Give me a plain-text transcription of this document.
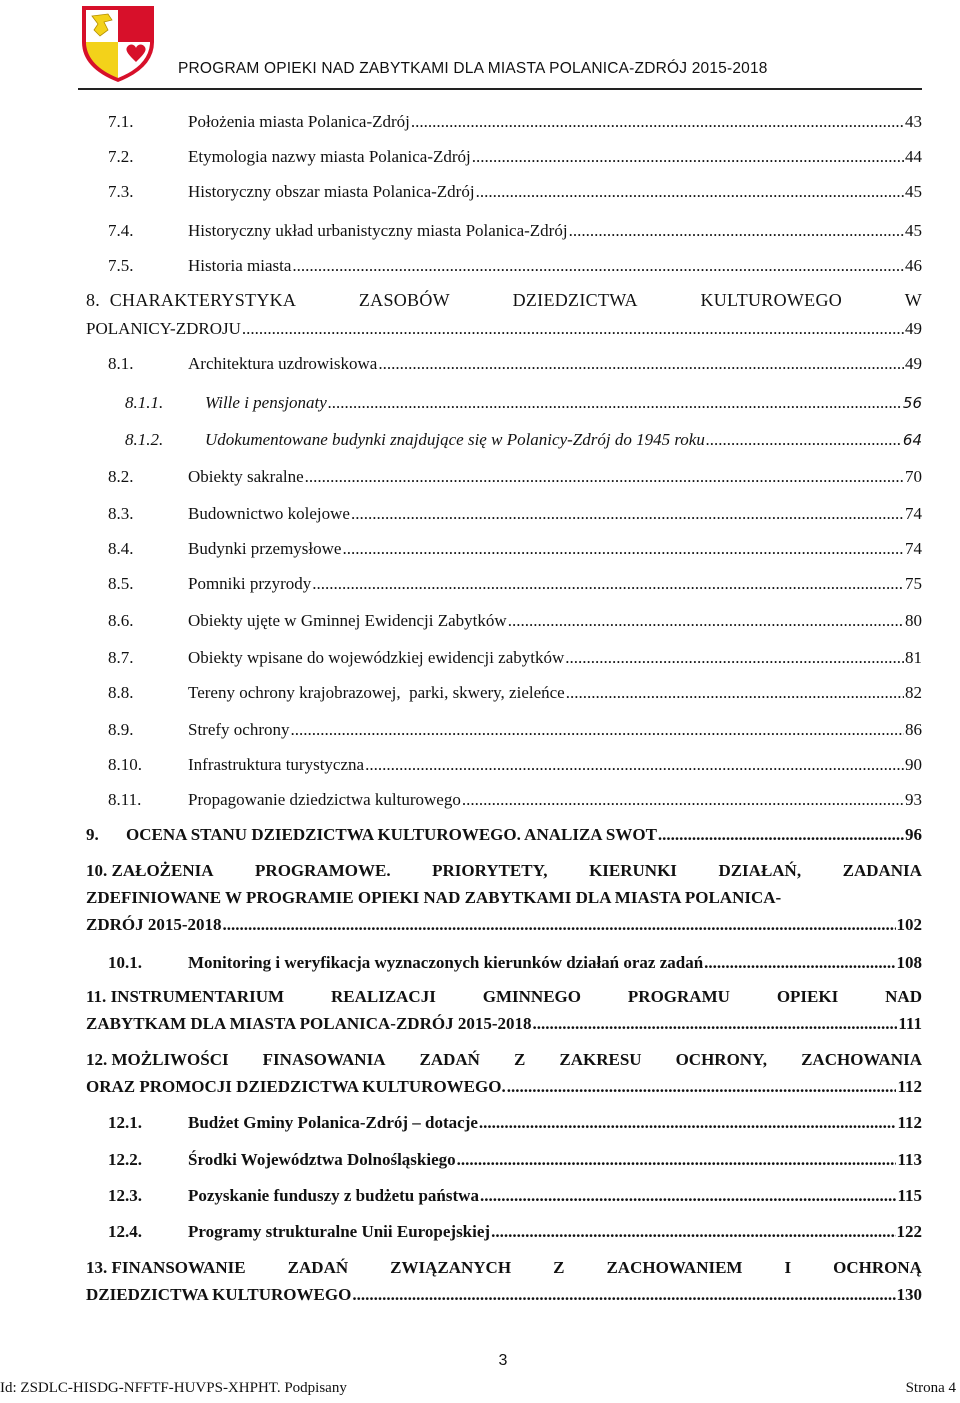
PROGRAM OPIEKI NAD ZABYTKAMI DLA MIASTA POLANICA-ZDRÓJ 2015-2018
7.1.	Położenia miasta Polanica-Zdrój .....	43
7.2.	Etymologia nazwy miasta Polanica-Zdrój .....	44
7.3.	Historyczny obszar miasta Polanica-Zdrój .....	45
7.4.	Historyczny układ urbanistyczny miasta Polanica-Zdrój .....	45
7.5.	Historia miasta .....	46
8. CHARAKTERYSTYKA	ZASOBÓW	DZIEDZICTWA	KULTUROWEGO	W
POLANICY-ZDROJU .....	49
8.1.	Architektura uzdrowiskowa .....	49
8.1.1.	Wille i pensjonaty .....	56
8.1.2.	Udokumentowane budynki znajdujące się w Polanicy-Zdrój do 1945 roku .....	64
8.2.	Obiekty sakralne .....	70
8.3.	Budownictwo kolejowe .....	74
8.4.	Budynki przemysłowe .....	74
8.5.	Pomniki przyrody .....	75
8.6.	Obiekty ujęte w Gminnej Ewidencji Zabytków .....	80
8.7.	Obiekty wpisane do wojewódzkiej ewidencji zabytków .....	81
8.8.	Tereny ochrony krajobrazowej,  parki, skwery, zieleńce .....	82
8.9.	Strefy ochrony .....	86
8.10.	Infrastruktura turystyczna .....	90
8.11.	Propagowanie dziedzictwa kulturowego .....	93
9.	OCENA STANU DZIEDZICTWA KULTUROWEGO. ANALIZA SWOT .....	96
10. ZAŁOŻENIA PROGRAMOWE. PRIORYTETY, KIERUNKI DZIAŁAŃ, ZADANIA
ZDEFINIOWANE W PROGRAMIE OPIEKI NAD ZABYTKAMI DLA MIASTA POLANICA-
ZDRÓJ 2015-2018 .....	102
10.1.	Monitoring i weryfikacja wyznaczonych kierunków działań oraz zadań .....	108
11. INSTRUMENTARIUM	REALIZACJI	GMINNEGO	PROGRAMU	OPIEKI	NAD
ZABYTKAM DLA MIASTA POLANICA-ZDRÓJ 2015-2018 .....	111
12. MOŻLIWOŚCI FINASOWANIA ZADAŃ Z ZAKRESU OCHRONY, ZACHOWANIA
ORAZ PROMOCJI DZIEDZICTWA KULTUROWEGO. .....	112
12.1.	Budżet Gminy Polanica-Zdrój – dotacje .....	112
12.2.	Środki Województwa Dolnośląskiego .....	113
12.3.	Pozyskanie funduszy z budżetu państwa .....	115
12.4.	Programy strukturalne Unii Europejskiej .....	122
13. FINANSOWANIE ZADAŃ ZWIĄZANYCH Z ZACHOWANIEM I OCHRONĄ
DZIEDZICTWA KULTUROWEGO .....	130
3
Id: ZSDLC-HISDG-NFFTF-HUVPS-XHPHT. Podpisany	Strona 4
